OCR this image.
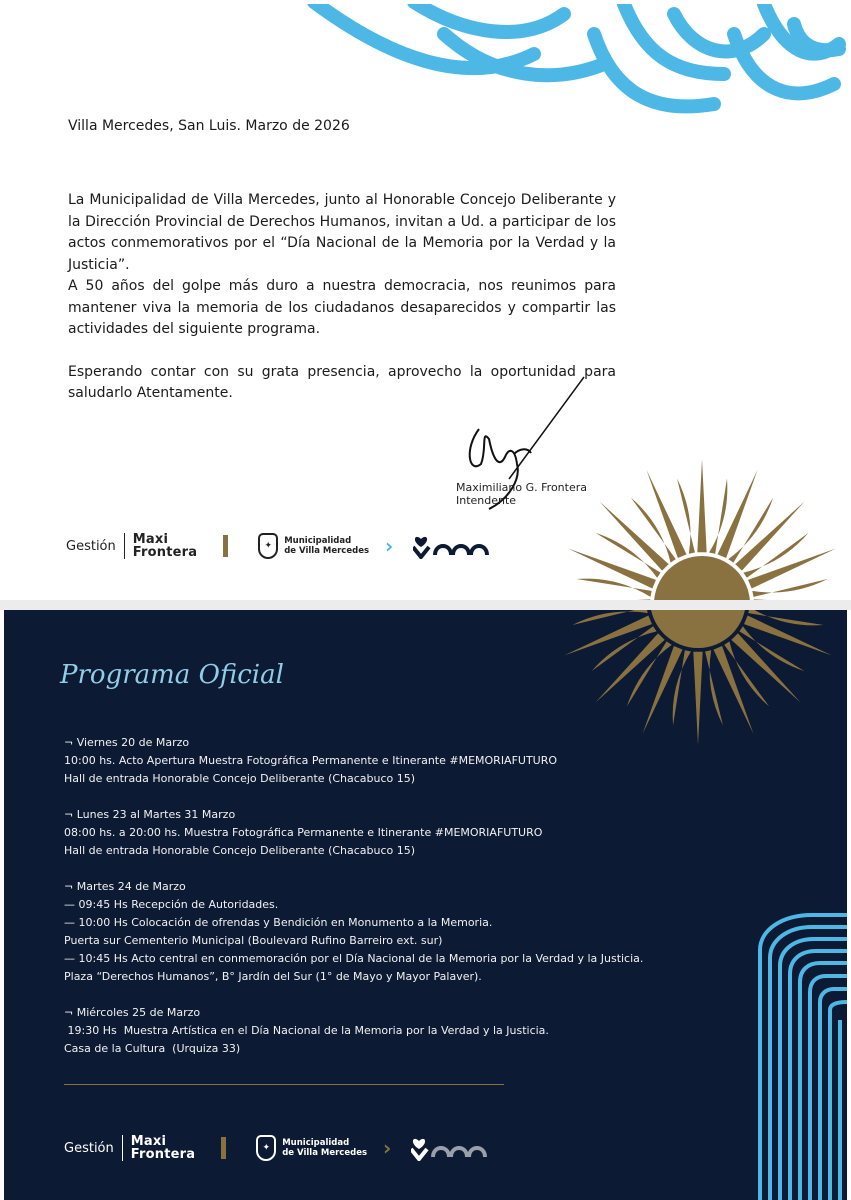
Villa Mercedes, San Luis. Marzo de 2026

La Municipalidad de Villa Mercedes, junto al Honorable Concejo Deliberante y la Dirección Provincial de Derechos Humanos, invitan a Ud. a participar de los actos conmemorativos por el “Día Nacional de la Memoria por la Verdad y la Justicia”.

A 50 años del golpe más duro a nuestra democracia, nos reunimos para mantener viva la memoria de los ciudadanos desaparecidos y compartir las actividades del siguiente programa.

Esperando contar con su grata presencia, aprovecho la oportunidad para saludarlo Atentamente.

Maximiliano G. Frontera
Intendente
Gestión Maxi
Frontera	✦	Municipalidad
de Villa Mercedes ›
Programa Oficial
¬ Viernes 20 de Marzo
10:00 hs. Acto Apertura Muestra Fotográfica Permanente e Itinerante #MEMORIAFUTURO
Hall de entrada Honorable Concejo Deliberante (Chacabuco 15)
¬ Lunes 23 al Martes 31 Marzo
08:00 hs. a 20:00 hs. Muestra Fotográfica Permanente e Itinerante #MEMORIAFUTURO
Hall de entrada Honorable Concejo Deliberante (Chacabuco 15)
¬ Martes 24 de Marzo
— 09:45 Hs Recepción de Autoridades.
— 10:00 Hs Colocación de ofrendas y Bendición en Monumento a la Memoria.
Puerta sur Cementerio Municipal (Boulevard Rufino Barreiro ext. sur)
— 10:45 Hs Acto central en conmemoración por el Día Nacional de la Memoria por la Verdad y la Justicia.
Plaza “Derechos Humanos”, B° Jardín del Sur (1° de Mayo y Mayor Palaver).
¬ Miércoles 25 de Marzo
19:30 Hs  Muestra Artística en el Día Nacional de la Memoria por la Verdad y la Justicia.
Casa de la Cultura  (Urquiza 33)
Gestión Maxi
Frontera	✦	Municipalidad
de Villa Mercedes ›
